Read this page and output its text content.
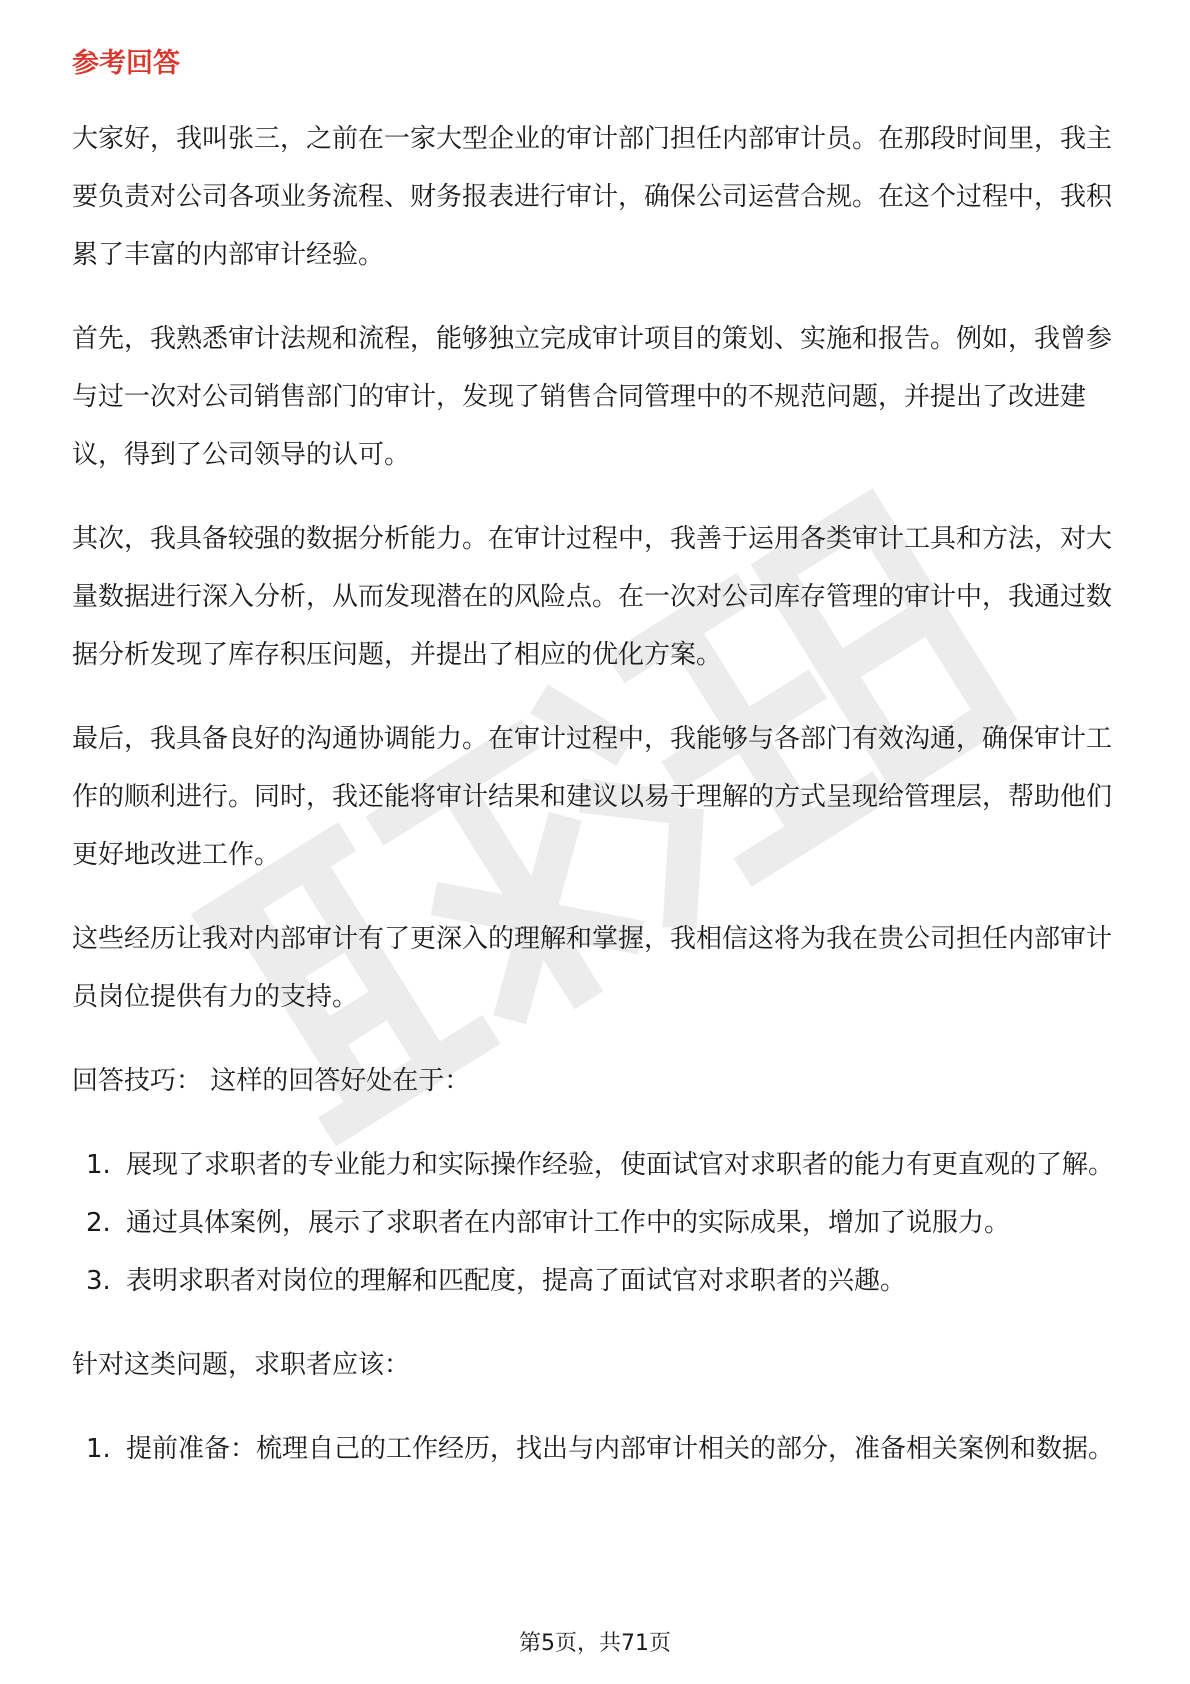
参考回答

大家好，我叫张三，之前在一家大型企业的审计部门担任内部审计员。在那段时间里，我主要负责对公司各项业务流程、财务报表进行审计，确保公司运营合规。在这个过程中，我积累了丰富的内部审计经验。

首先，我熟悉审计法规和流程，能够独立完成审计项目的策划、实施和报告。例如，我曾参与过一次对公司销售部门的审计，发现了销售合同管理中的不规范问题，并提出了改进建议，得到了公司领导的认可。

其次，我具备较强的数据分析能力。在审计过程中，我善于运用各类审计工具和方法，对大量数据进行深入分析，从而发现潜在的风险点。在一次对公司库存管理的审计中，我通过数据分析发现了库存积压问题，并提出了相应的优化方案。

最后，我具备良好的沟通协调能力。在审计过程中，我能够与各部门有效沟通，确保审计工作的顺利进行。同时，我还能将审计结果和建议以易于理解的方式呈现给管理层，帮助他们更好地改进工作。

这些经历让我对内部审计有了更深入的理解和掌握，我相信这将为我在贵公司担任内部审计员岗位提供有力的支持。

回答技巧： 这样的回答好处在于：

1. 展现了求职者的专业能力和实际操作经验，使面试官对求职者的能力有更直观的了解。
2. 通过具体案例，展示了求职者在内部审计工作中的实际成果，增加了说服力。
3. 表明求职者对岗位的理解和匹配度，提高了面试官对求职者的兴趣。

针对这类问题，求职者应该：

1. 提前准备：梳理自己的工作经历，找出与内部审计相关的部分，准备相关案例和数据。
第5页，共71页
